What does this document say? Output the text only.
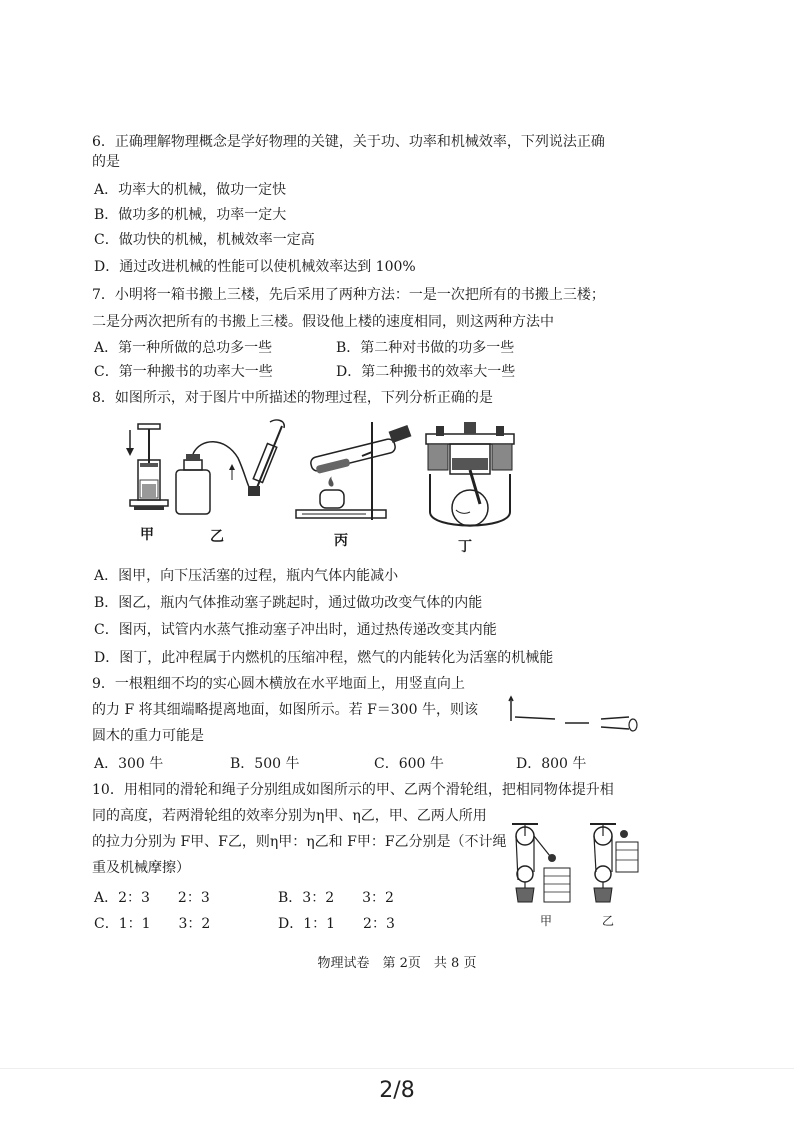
6．正确理解物理概念是学好物理的关键，关于功、功率和机械效率，下列说法正确
的是
A．功率大的机械，做功一定快
B．做功多的机械，功率一定大
C．做功快的机械，机械效率一定高
D．通过改进机械的性能可以使机械效率达到 100%
7．小明将一箱书搬上三楼，先后采用了两种方法：一是一次把所有的书搬上三楼；
二是分两次把所有的书搬上三楼。假设他上楼的速度相同，则这两种方法中
A．第一种所做的总功多一些	B．第二种对书做的功多一些
C．第一种搬书的功率大一些	D．第二种搬书的效率大一些
8．如图所示，对于图片中所描述的物理过程，下列分析正确的是
甲	乙	丙	丁
A．图甲，向下压活塞的过程，瓶内气体内能减小
B．图乙，瓶内气体推动塞子跳起时，通过做功改变气体的内能
C．图丙，试管内水蒸气推动塞子冲出时，通过热传递改变其内能
D．图丁，此冲程属于内燃机的压缩冲程，燃气的内能转化为活塞的机械能
9．一根粗细不均的实心圆木横放在水平地面上，用竖直向上
的力 F 将其细端略提离地面，如图所示。若 F＝300 牛，则该
圆木的重力可能是
A．300 牛	B．500 牛	C．600 牛	D．800 牛
10．用相同的滑轮和绳子分别组成如图所示的甲、乙两个滑轮组，把相同物体提升相
同的高度，若两滑轮组的效率分别为η甲、η乙，甲、乙两人所用
的拉力分别为 F甲、F乙，则η甲：η乙和 F甲：F乙分别是（不计绳
重及机械摩擦）
A．2：3　　2：3	B．3：2　　3：2
C．1：1　　3：2	D．1：1　　2：3	甲	乙
物理试卷　第 2页　共 8 页
2/8
